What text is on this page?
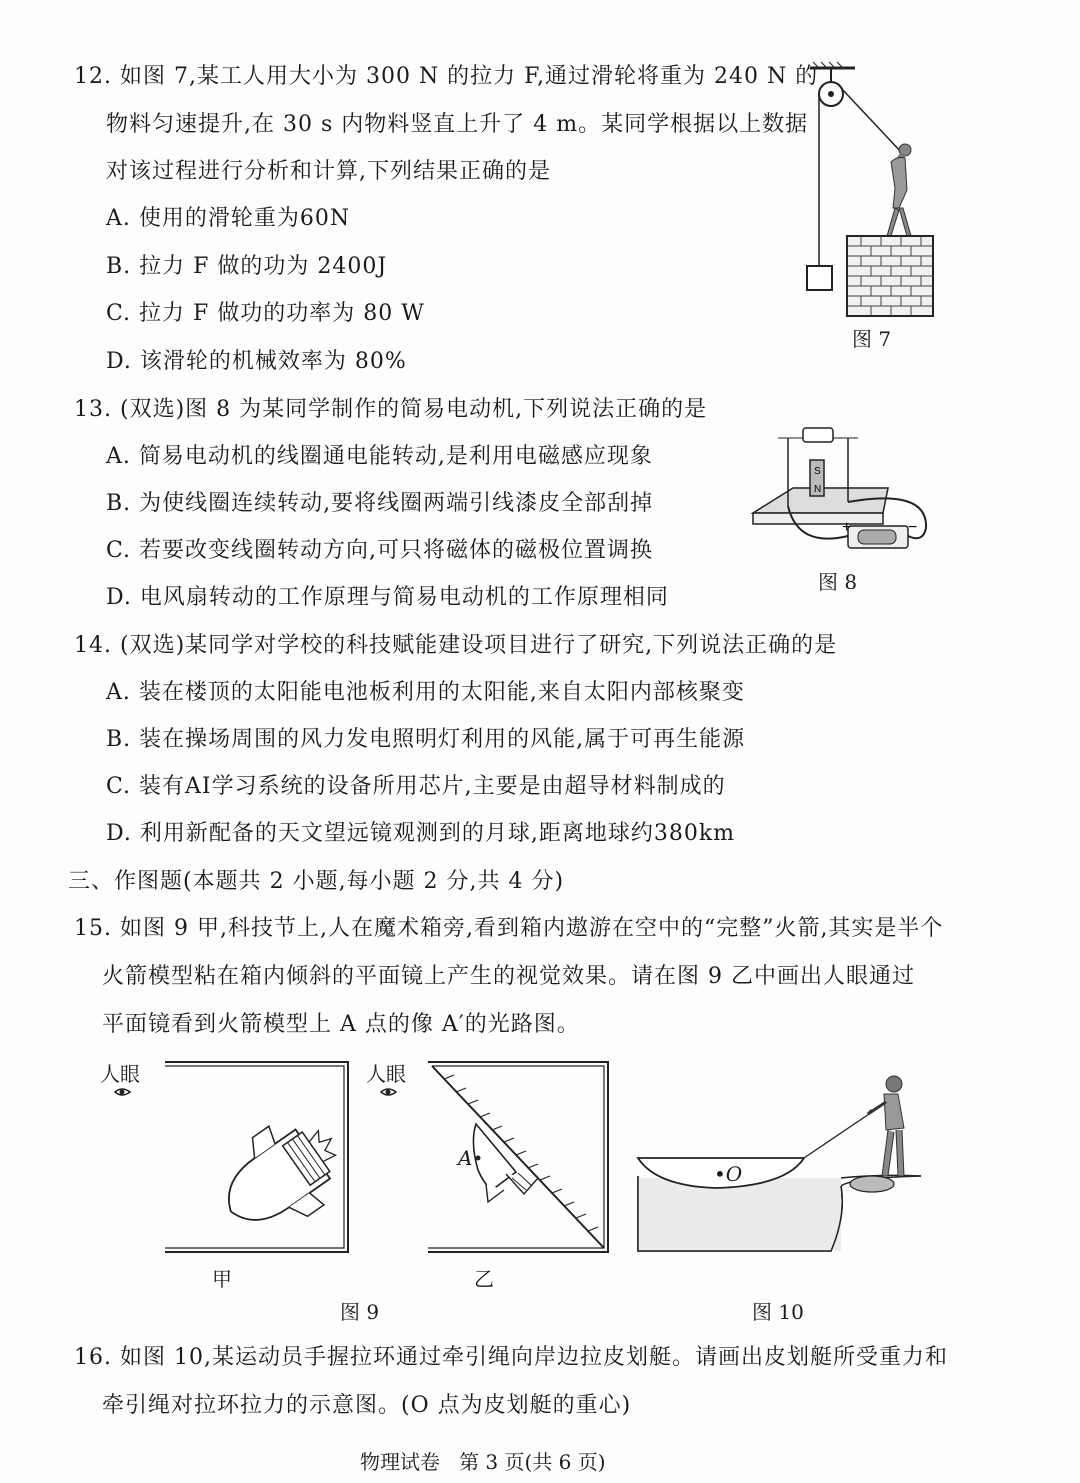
12. 如图 7,某工人用大小为 300 N 的拉力 F,通过滑轮将重为 240 N 的
物料匀速提升,在 30 s 内物料竖直上升了 4 m。某同学根据以上数据
对该过程进行分析和计算,下列结果正确的是
A. 使用的滑轮重为60N
B. 拉力 F 做的功为 2400J
C. 拉力 F 做功的功率为 80 W
D. 该滑轮的机械效率为 80%
图 7
13. (双选)图 8 为某同学制作的简易电动机,下列说法正确的是
A. 简易电动机的线圈通电能转动,是利用电磁感应现象
B. 为使线圈连续转动,要将线圈两端引线漆皮全部刮掉
C. 若要改变线圈转动方向,可只将磁体的磁极位置调换
D. 电风扇转动的工作原理与简易电动机的工作原理相同
S
N
+	−
图 8
14. (双选)某同学对学校的科技赋能建设项目进行了研究,下列说法正确的是
A. 装在楼顶的太阳能电池板利用的太阳能,来自太阳内部核聚变
B. 装在操场周围的风力发电照明灯利用的风能,属于可再生能源
C. 装有AI学习系统的设备所用芯片,主要是由超导材料制成的
D. 利用新配备的天文望远镜观测到的月球,距离地球约380km
三、作图题(本题共 2 小题,每小题 2 分,共 4 分)
15. 如图 9 甲,科技节上,人在魔术箱旁,看到箱内遨游在空中的“完整”火箭,其实是半个
火箭模型粘在箱内倾斜的平面镜上产生的视觉效果。请在图 9 乙中画出人眼通过
平面镜看到火箭模型上 A 点的像 A′的光路图。
人眼
甲
人眼
A
乙
图 9
•O
图 10
16. 如图 10,某运动员手握拉环通过牵引绳向岸边拉皮划艇。请画出皮划艇所受重力和
牵引绳对拉环拉力的示意图。(O 点为皮划艇的重心)
物理试卷   第 3 页(共 6 页)
